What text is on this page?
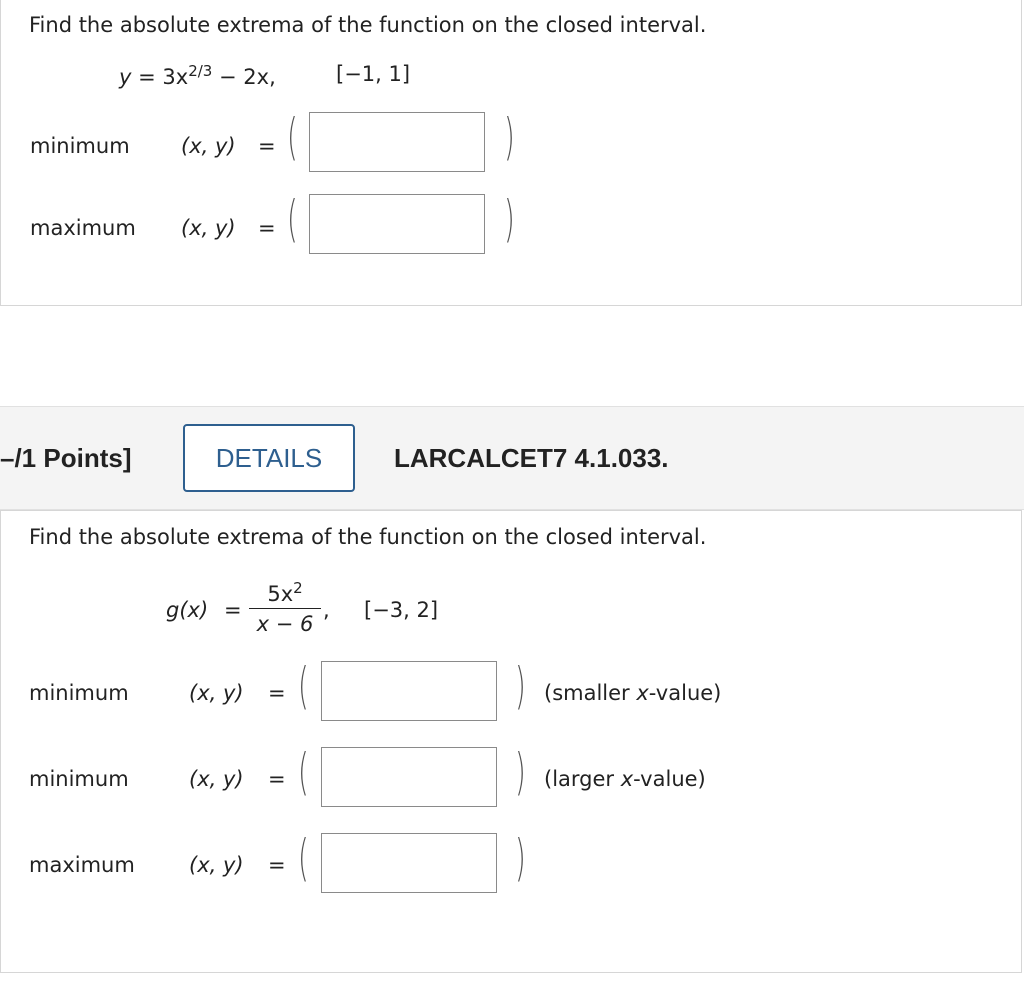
Find the absolute extrema of the function on the closed interval.
$y = 3x^{2/3} - 2x$,	[−1, 1]
minimum (x, y) = (	)
maximum (x, y) = (	)
–/1 Points]	DETAILS	LARCALCET7 4.1.033.
Find the absolute extrema of the function on the closed interval.
g(x) =
$5x^2$
x − 6
, [−3, 2]
minimum	(x, y) = (	) (smaller x-value)
minimum	(x, y) = (	) (larger x-value)
maximum	(x, y) = (	)
